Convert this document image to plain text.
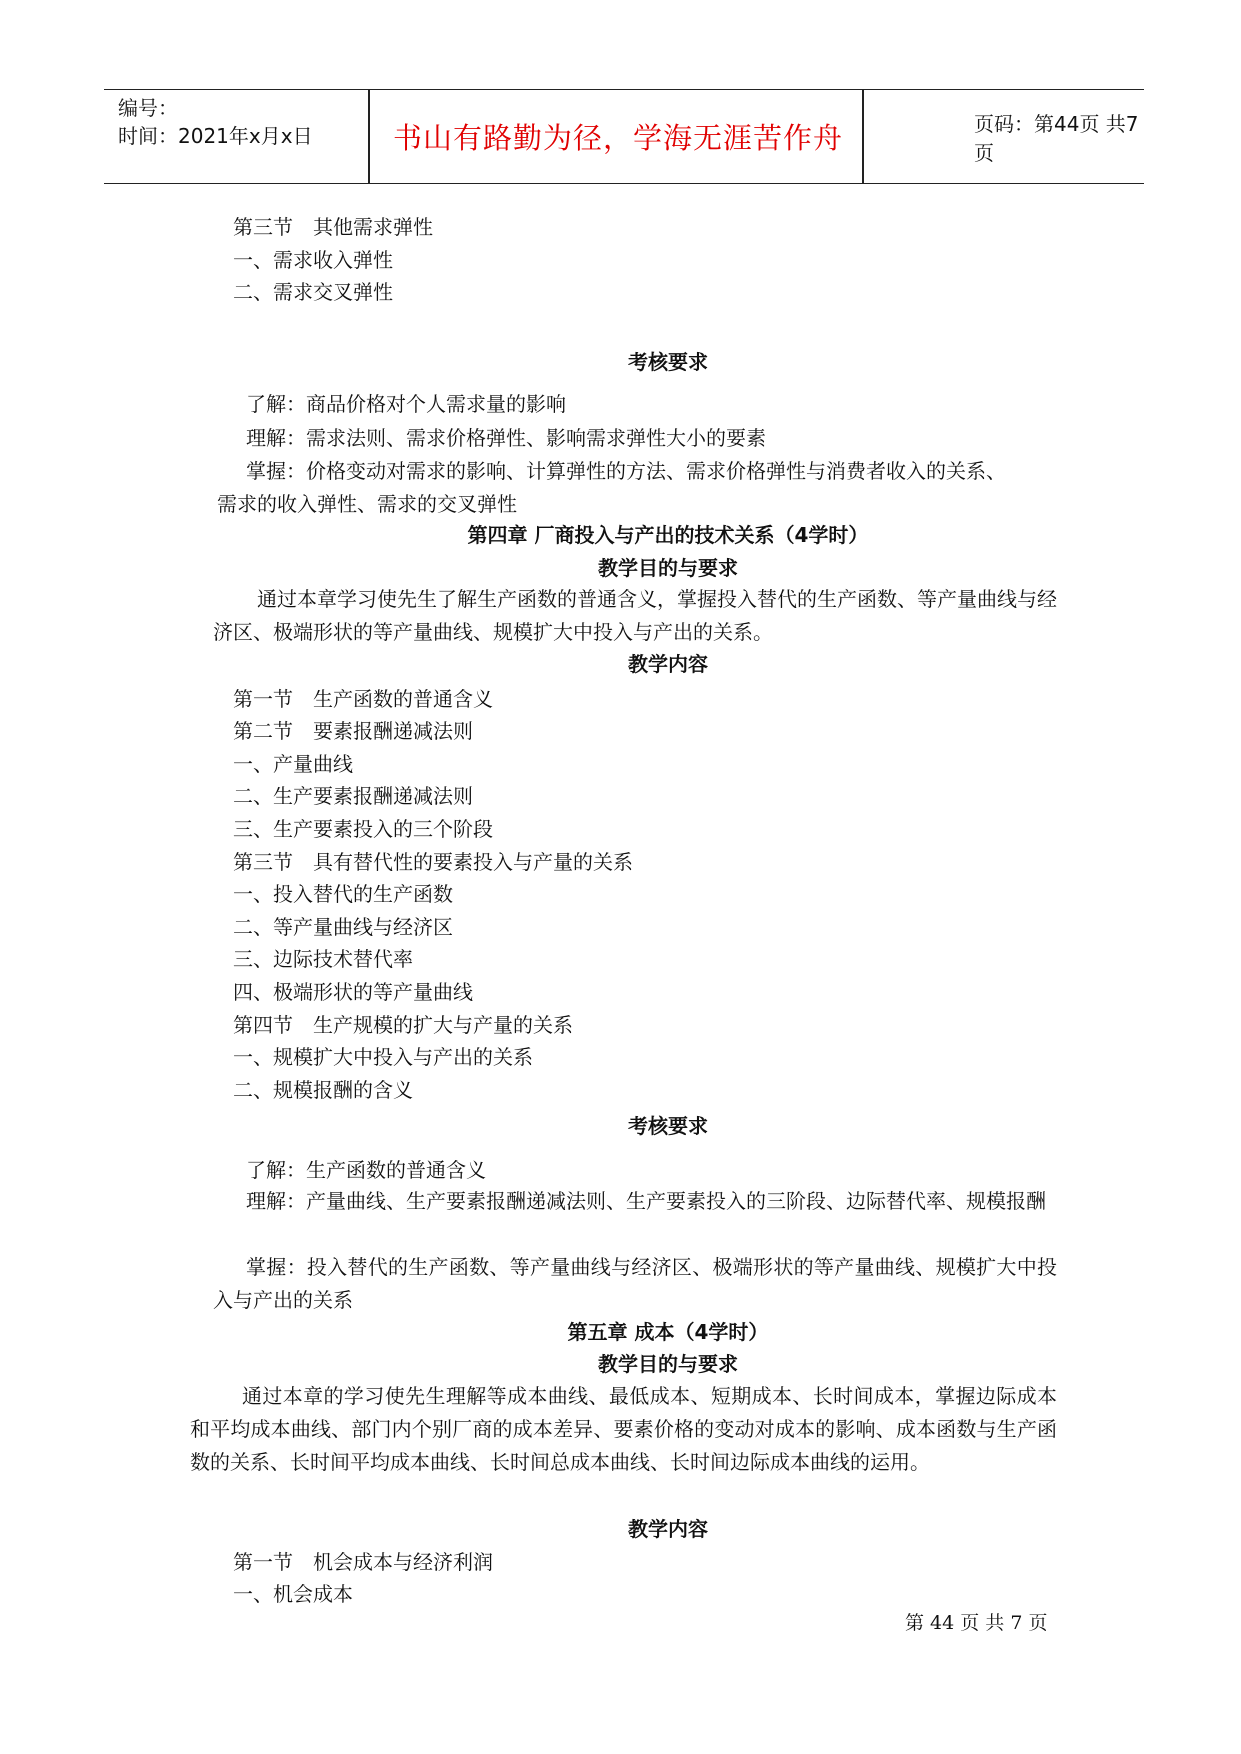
编号：
时间：2021年x月x日	书山有路勤为径，学海无涯苦作舟	页码：第44页 共7页
第三节　其他需求弹性
一、需求收入弹性
二、需求交叉弹性
考核要求
了解：商品价格对个人需求量的影响
理解：需求法则、需求价格弹性、影响需求弹性大小的要素
掌握：价格变动对需求的影响、计算弹性的方法、需求价格弹性与消费者收入的关系、
需求的收入弹性、需求的交叉弹性
第四章 厂商投入与产出的技术关系（4学时）
教学目的与要求
通过本章学习使先生了解生产函数的普通含义，掌握投入替代的生产函数、等产量曲线与经济区、极端形状的等产量曲线、规模扩大中投入与产出的关系。
教学内容
第一节　生产函数的普通含义
第二节　要素报酬递减法则
一、产量曲线
二、生产要素报酬递减法则
三、生产要素投入的三个阶段
第三节　具有替代性的要素投入与产量的关系
一、投入替代的生产函数
二、等产量曲线与经济区
三、边际技术替代率
四、极端形状的等产量曲线
第四节　生产规模的扩大与产量的关系
一、规模扩大中投入与产出的关系
二、规模报酬的含义
考核要求
了解：生产函数的普通含义
理解：产量曲线、生产要素报酬递减法则、生产要素投入的三阶段、边际替代率、规模报酬
掌握：投入替代的生产函数、等产量曲线与经济区、极端形状的等产量曲线、规模扩大中投入与产出的关系
第五章 成本（4学时）
教学目的与要求
通过本章的学习使先生理解等成本曲线、最低成本、短期成本、长时间成本，掌握边际成本和平均成本曲线、部门内个别厂商的成本差异、要素价格的变动对成本的影响、成本函数与生产函数的关系、长时间平均成本曲线、长时间总成本曲线、长时间边际成本曲线的运用。
教学内容
第一节　机会成本与经济利润
一、机会成本
第 44 页 共 7 页
